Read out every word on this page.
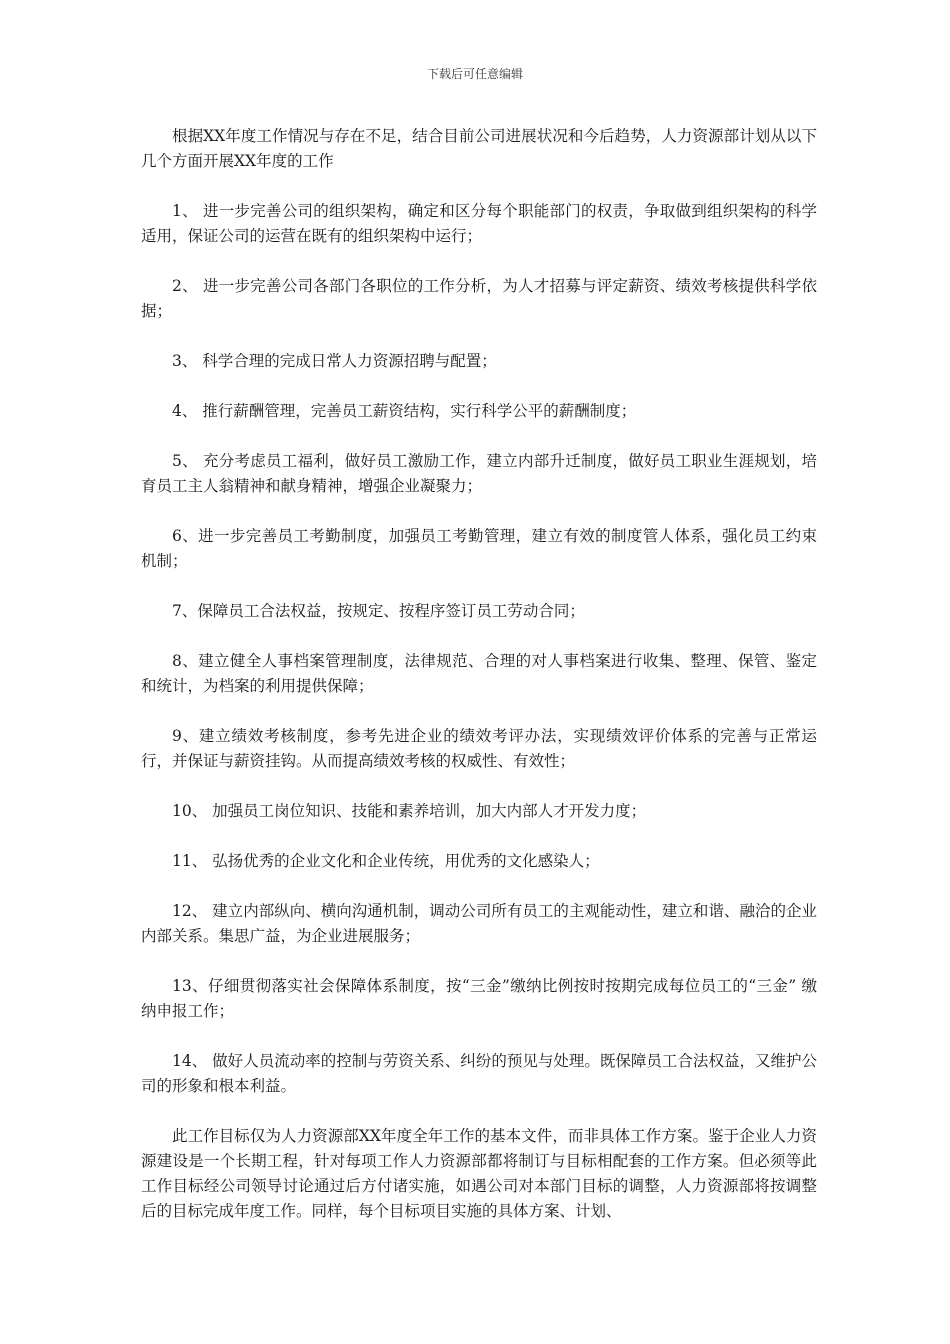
下载后可任意编辑

根据XX年度工作情况与存在不足，结合目前公司进展状况和今后趋势，人力资源部计划从以下几个方面开展XX年度的工作

1、 进一步完善公司的组织架构，确定和区分每个职能部门的权责，争取做到组织架构的科学适用，保证公司的运营在既有的组织架构中运行；

2、 进一步完善公司各部门各职位的工作分析，为人才招募与评定薪资、绩效考核提供科学依据；

3、 科学合理的完成日常人力资源招聘与配置；

4、 推行薪酬管理，完善员工薪资结构，实行科学公平的薪酬制度；

5、 充分考虑员工福利，做好员工激励工作，建立内部升迁制度，做好员工职业生涯规划，培育员工主人翁精神和献身精神，增强企业凝聚力；

6、进一步完善员工考勤制度，加强员工考勤管理，建立有效的制度管人体系，强化员工约束机制；

7、保障员工合法权益，按规定、按程序签订员工劳动合同；

8、建立健全人事档案管理制度，法律规范、合理的对人事档案进行收集、整理、保管、鉴定和统计，为档案的利用提供保障；

9、建立绩效考核制度，参考先进企业的绩效考评办法，实现绩效评价体系的完善与正常运行，并保证与薪资挂钩。从而提高绩效考核的权威性、有效性；

10、 加强员工岗位知识、技能和素养培训，加大内部人才开发力度；

11、 弘扬优秀的企业文化和企业传统，用优秀的文化感染人；

12、 建立内部纵向、横向沟通机制，调动公司所有员工的主观能动性，建立和谐、融洽的企业内部关系。集思广益，为企业进展服务；

13、仔细贯彻落实社会保障体系制度，按“三金”缴纳比例按时按期完成每位员工的“三金” 缴纳申报工作；

14、 做好人员流动率的控制与劳资关系、纠纷的预见与处理。既保障员工合法权益，又维护公司的形象和根本利益。

此工作目标仅为人力资源部XX年度全年工作的基本文件，而非具体工作方案。鉴于企业人力资源建设是一个长期工程，针对每项工作人力资源部都将制订与目标相配套的工作方案。但必须等此工作目标经公司领导讨论通过后方付诸实施，如遇公司对本部门目标的调整，人力资源部将按调整后的目标完成年度工作。同样，每个目标项目实施的具体方案、计划、
